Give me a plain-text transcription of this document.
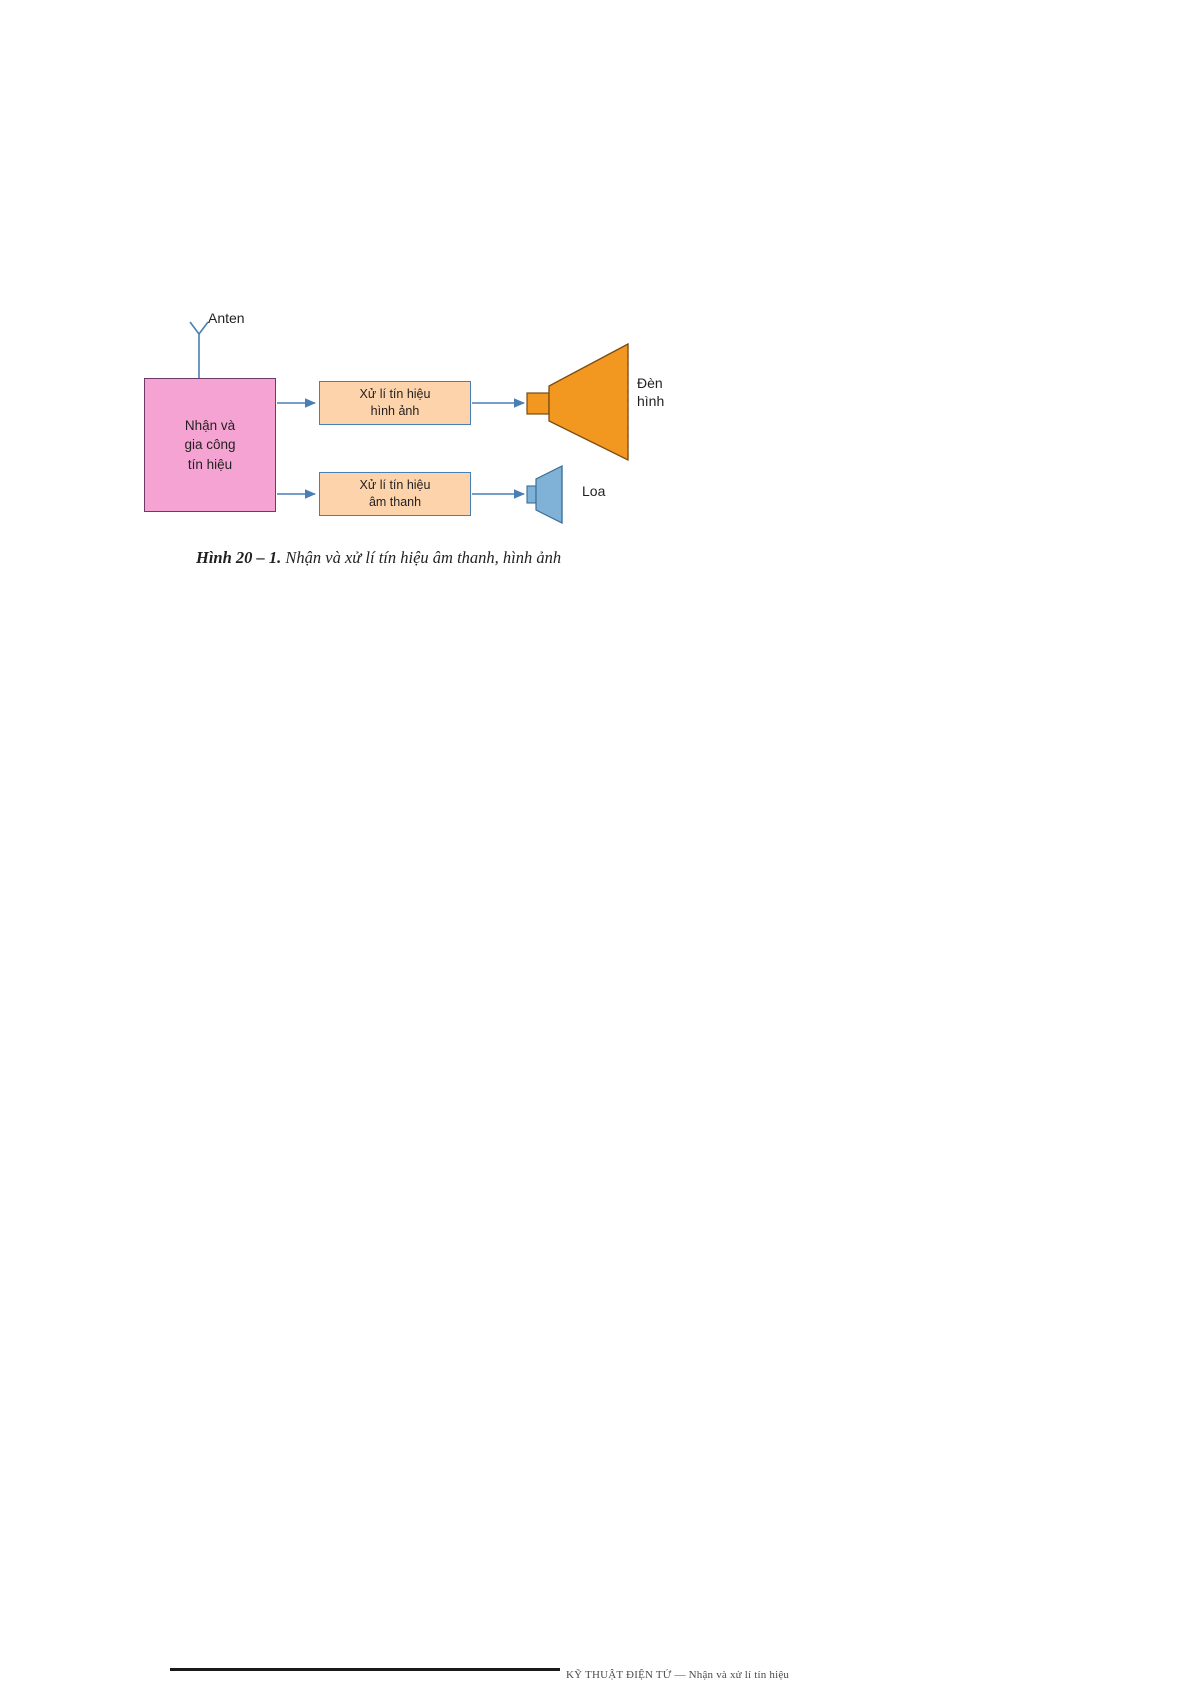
Anten
Nhận và
gia công
tín hiệu
Xử lí tín hiệu
hình ảnh
Xử lí tín hiệu
âm thanh
Đèn
hình
Loa
Hình 20 – 1. Nhận và xử lí tín hiệu âm thanh, hình ảnh
KỸ THUẬT ĐIỆN TỬ — Nhận và xử lí tín hiệu
